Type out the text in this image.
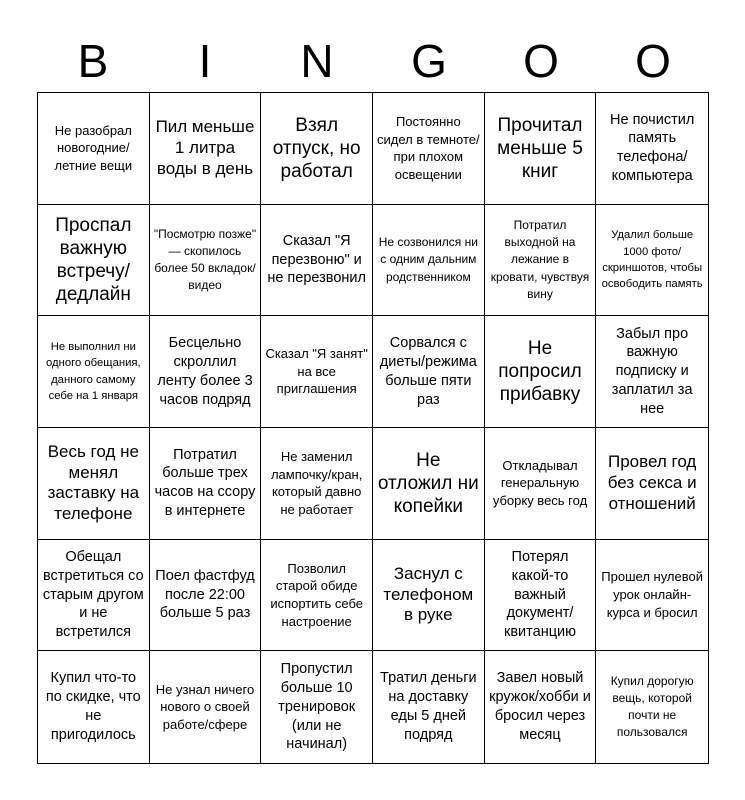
B	I	N	G	O	O
Не разобрал новогодние/летние вещи
Пил меньше 1 литра воды в день
Взял отпуск, но работал
Постоянно сидел в темноте/при плохом освещении
Прочитал меньше 5 книг
Не почистил память телефона/компьютера
Проспал важную встречу/дедлайн
"Посмотрю позже" — скопилось более 50 вкладок/видео
Сказал "Я перезвоню" и не перезвонил
Не созвонился ни с одним дальним родственником
Потратил выходной на лежание в кровати, чувствуя вину
Удалил больше 1000 фото/скриншотов, чтобы освободить память
Не выполнил ни одного обещания, данного самому себе на 1 января
Бесцельно скроллил ленту более 3 часов подряд
Сказал "Я занят" на все приглашения
Сорвался с диеты/режима больше пяти раз
Не попросил прибавку
Забыл про важную подписку и заплатил за нее
Весь год не менял заставку на телефоне
Потратил больше трех часов на ссору в интернете
Не заменил лампочку/кран, который давно не работает
Не отложил ни копейки
Откладывал генеральную уборку весь год
Провел год без секса и отношений
Обещал встретиться со старым другом и не встретился
Поел фастфуд после 22:00 больше 5 раз
Позволил старой обиде испортить себе настроение
Заснул с телефоном в руке
Потерял какой-то важный документ/квитанцию
Прошел нулевой урок онлайн-курса и бросил
Купил что-то по скидке, что не пригодилось
Не узнал ничего нового о своей работе/сфере
Пропустил больше 10 тренировок (или не начинал)
Тратил деньги на доставку еды 5 дней подряд
Завел новый кружок/хобби и бросил через месяц
Купил дорогую вещь, которой почти не пользовался
